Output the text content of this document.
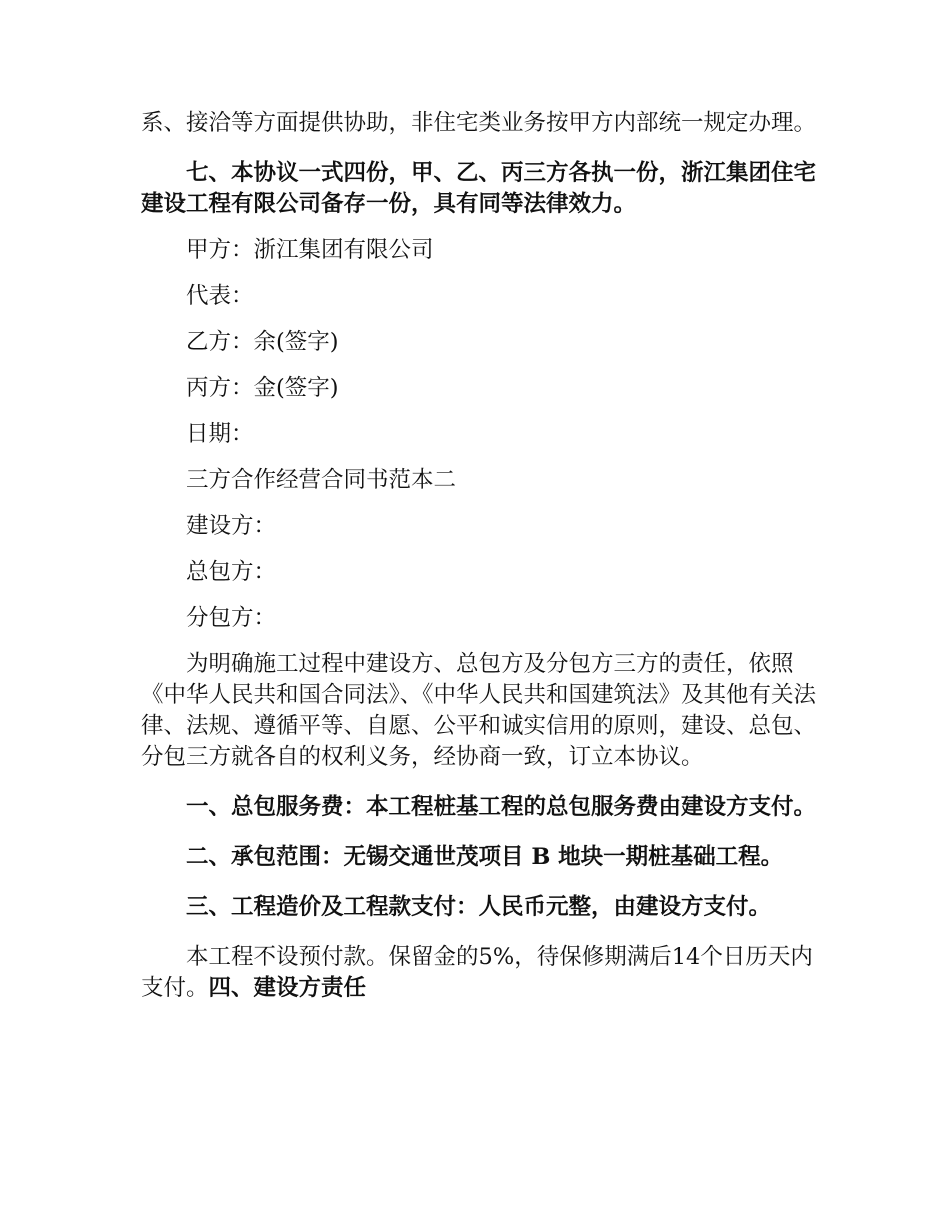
系、接洽等方面提供协助，非住宅类业务按甲方内部统一规定办理。

七、本协议一式四份，甲、乙、丙三方各执一份，浙江集团住宅建设工程有限公司备存一份，具有同等法律效力。

甲方：浙江集团有限公司

代表：

乙方：余(签字)

丙方：金(签字)

日期：

三方合作经营合同书范本二

建设方：

总包方：

分包方：

为明确施工过程中建设方、总包方及分包方三方的责任，依照《中华人民共和国合同法》、《中华人民共和国建筑法》及其他有关法律、法规、遵循平等、自愿、公平和诚实信用的原则，建设、总包、分包三方就各自的权利义务，经协商一致，订立本协议。

一、总包服务费：本工程桩基工程的总包服务费由建设方支付。

二、承包范围：无锡交通世茂项目 B 地块一期桩基础工程。

三、工程造价及工程款支付：人民币元整，由建设方支付。

本工程不设预付款。保留金的5%，待保修期满后14个日历天内支付。四、建设方责任
